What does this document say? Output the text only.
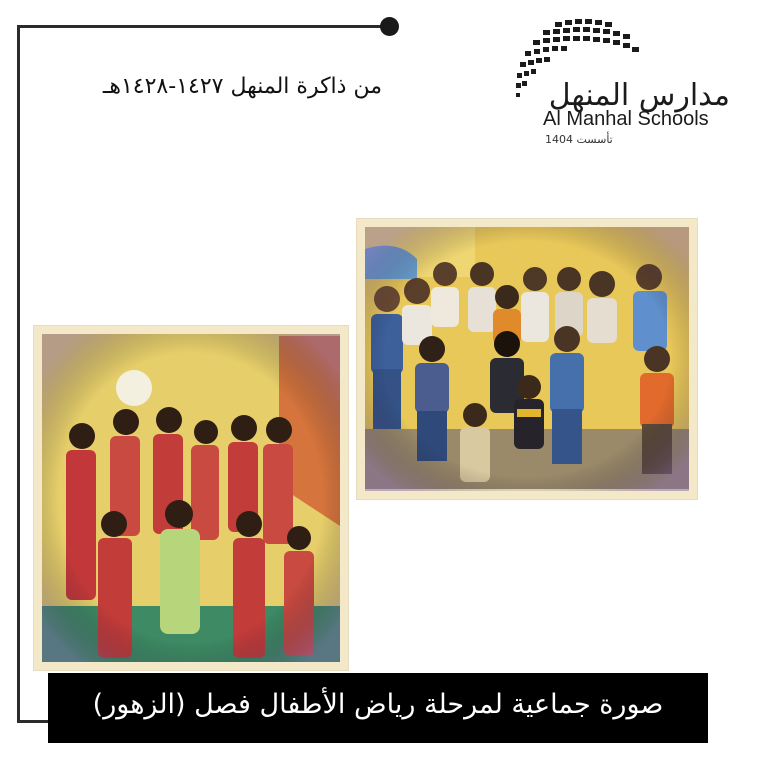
من ذاكرة المنهل ١٤٢٧-١٤٢٨هـ	مدارس المنهل
Al Manhal Schools
تأسست 1404
صورة جماعية لمرحلة رياض الأطفال فصل (الزهور)
